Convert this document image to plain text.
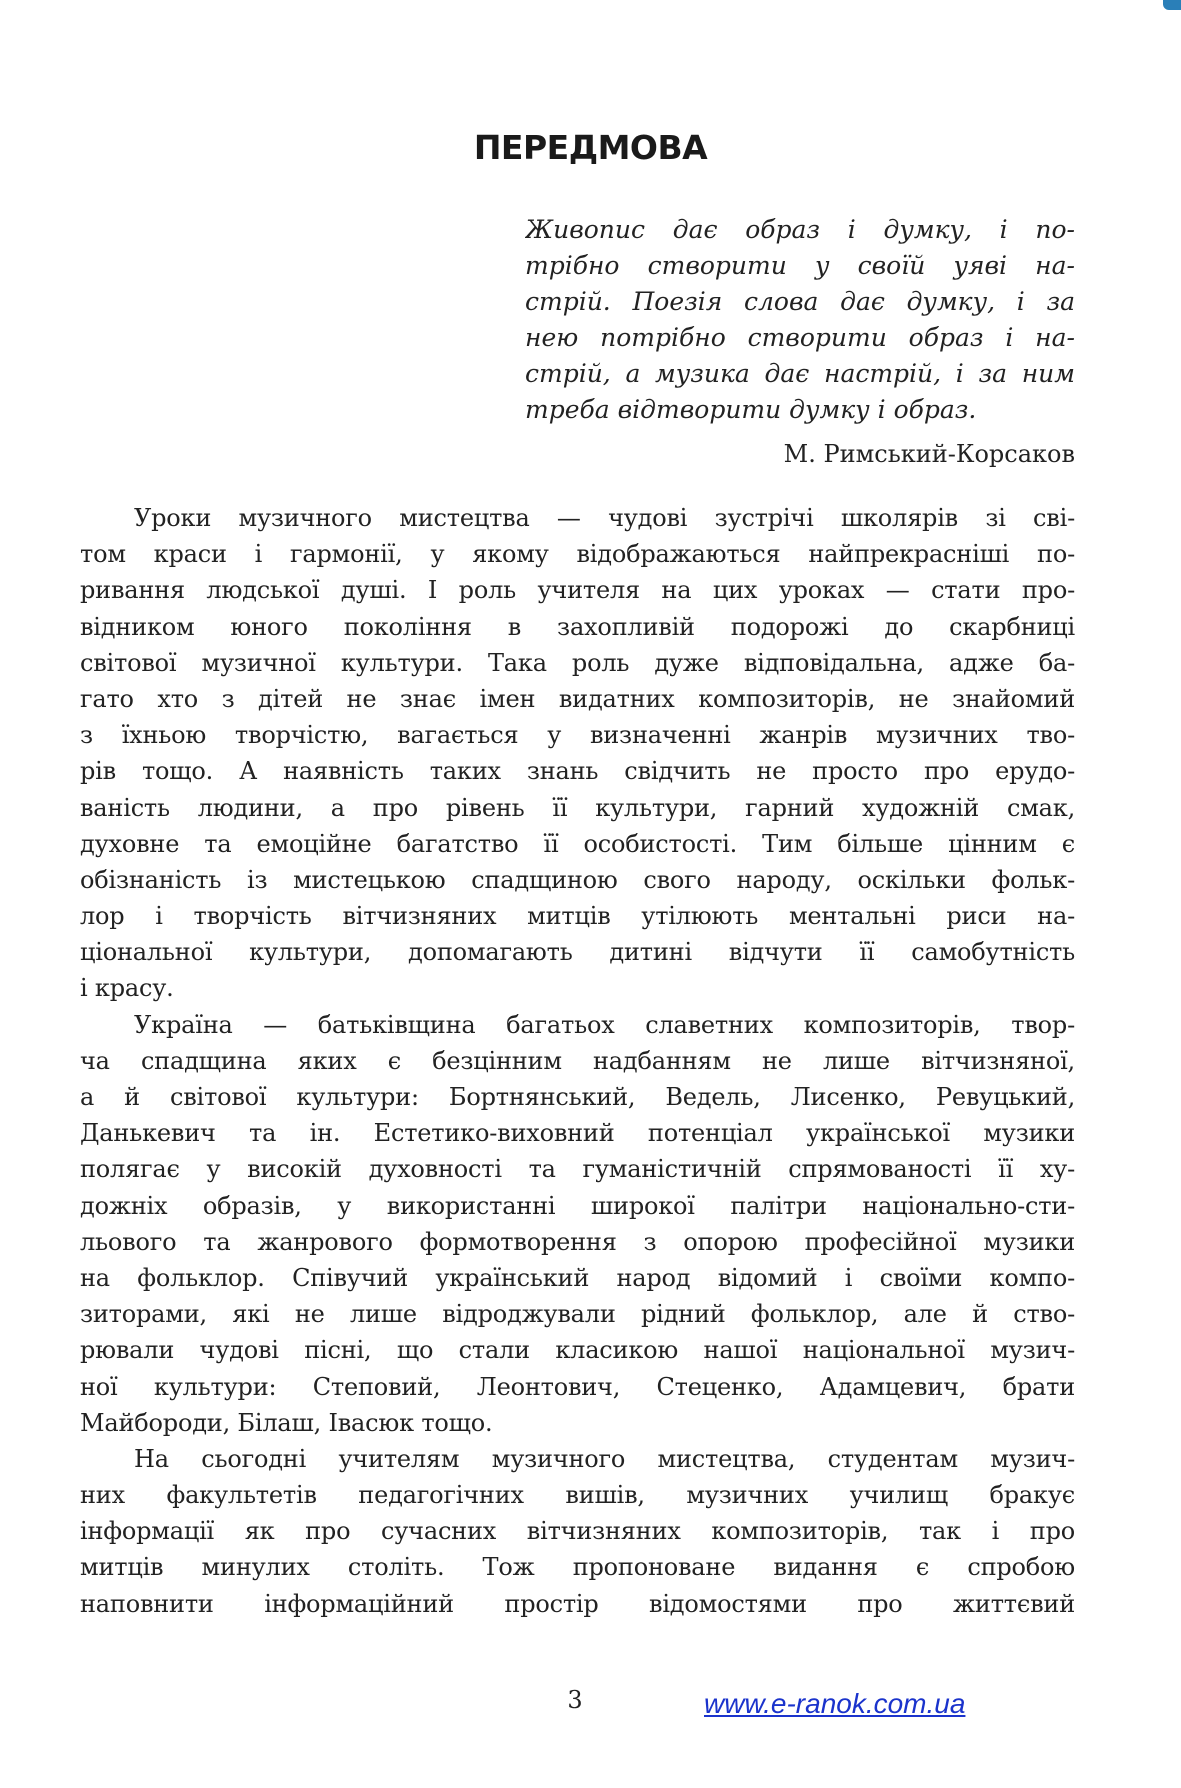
ПЕРЕДМОВА
Живопис дає образ і думку, і по-
трібно створити у своїй уяві на-
стрій. Поезія слова дає думку, і за
нею потрібно створити образ і на-
стрій, а музика дає настрій, і за ним
треба відтворити думку і образ.
М. Римський-Корсаков
Уроки музичного мистецтва — чудові зустрічі школярів зі сві-
том краси і гармонії, у якому відображаються найпрекрасніші по-
ривання людської душі. І роль учителя на цих уроках — стати про-
відником юного покоління в захопливій подорожі до скарбниці
світової музичної культури. Така роль дуже відповідальна, адже ба-
гато хто з дітей не знає імен видатних композиторів, не знайомий
з їхньою творчістю, вагається у визначенні жанрів музичних тво-
рів тощо. А наявність таких знань свідчить не просто про ерудо-
ваність людини, а про рівень її культури, гарний художній смак,
духовне та емоційне багатство її особистості. Тим більше цінним є
обізнаність із мистецькою спадщиною свого народу, оскільки фольк-
лор і творчість вітчизняних митців утілюють ментальні риси на-
ціональної культури, допомагають дитині відчути її самобутність
і красу.
Україна — батьківщина багатьох славетних композиторів, твор-
ча спадщина яких є безцінним надбанням не лише вітчизняної,
а й світової культури: Бортнянський, Ведель, Лисенко, Ревуцький,
Данькевич та ін. Естетико-виховний потенціал української музики
полягає у високій духовності та гуманістичній спрямованості її ху-
дожніх образів, у використанні широкої палітри національно-сти-
льового та жанрового формотворення з опорою професійної музики
на фольклор. Співучий український народ відомий і своїми компо-
зиторами, які не лише відроджували рідний фольклор, але й ство-
рювали чудові пісні, що стали класикою нашої національної музич-
ної культури: Степовий, Леонтович, Стеценко, Адамцевич, брати
Майбороди, Білаш, Івасюк тощо.
На сьогодні учителям музичного мистецтва, студентам музич-
них факультетів педагогічних вишів, музичних училищ бракує
інформації як про сучасних вітчизняних композиторів, так і про
митців минулих століть. Тож пропоноване видання є спробою
наповнити інформаційний простір відомостями про життєвий
3	www.e-ranok.com.ua
